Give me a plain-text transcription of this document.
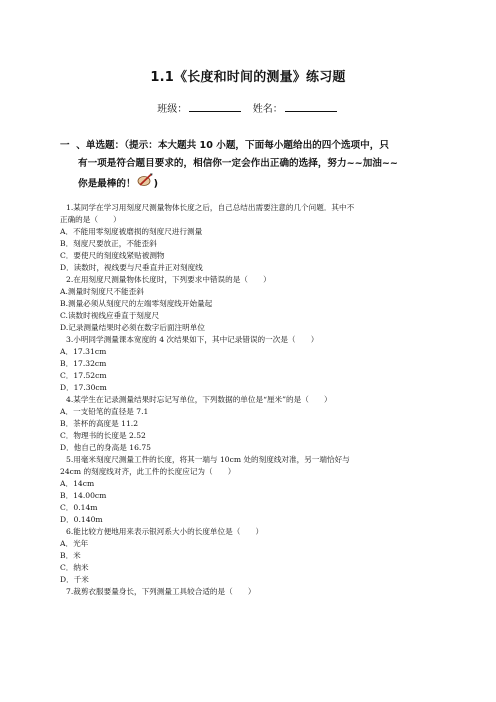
1.1《长度和时间的测量》练习题
班级：	姓名：
一 、单选题：（提示：本大题共 10 小题，下面每小题给出的四个选项中，只
有一项是符合题目要求的，相信你一定会作出正确的选择，努力~~加油~~
你是最棒的！ )
1.某同学在学习用刻度尺测量物体长度之后，自己总结出需要注意的几个问题．其中不
正确的是（　　）
A．不能用零刻度被磨损的刻度尺进行测量
B．刻度尺要放正，不能歪斜
C．要使尺的刻度线紧贴被测物
D．读数时，视线要与尺垂直并正对刻度线
2.在用刻度尺测量物体长度时，下列要求中错误的是（　　）
A.测量时刻度尺不能歪斜
B.测量必须从刻度尺的左端零刻度线开始量起
C.读数时视线应垂直于刻度尺
D.记录测量结果时必须在数字后面注明单位
3.小明同学测量课本宽度的 4 次结果如下，其中记录错误的一次是（　　）
A．17.31cm
B．17.32cm
C．17.52cm
D．17.30cm
4.某学生在记录测量结果时忘记写单位，下列数据的单位是“厘米”的是（　　）
A．一支铅笔的直径是 7.1
B．茶杯的高度是 11.2
C．物理书的长度是 2.52
D．他自己的身高是 16.75
5.用毫米刻度尺测量工件的长度，将其一端与 10cm 处的刻度线对准，另一端恰好与
24cm 的刻度线对齐，此工件的长度应记为（　　）
A．14cm
B．14.00cm
C．0.14m
D．0.140m
6.能比较方便地用来表示银河系大小的长度单位是（　　）
A．光年
B．米
C．纳米
D．千米
7.裁剪衣服要量身长，下列测量工具较合适的是（　　）
